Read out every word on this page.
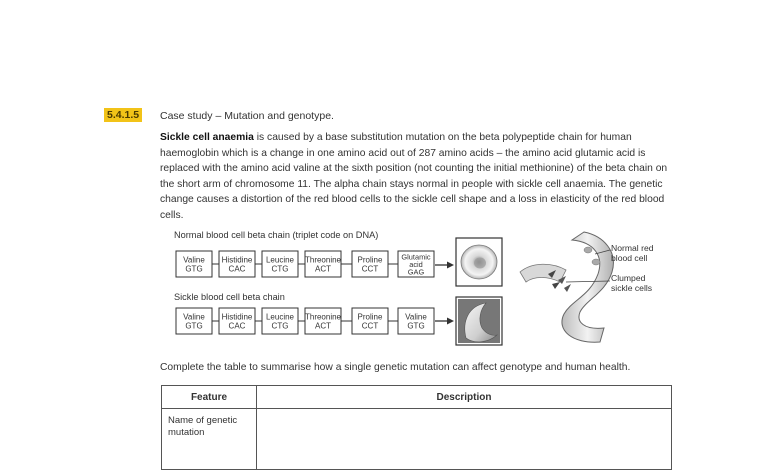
5.4.1.5 Case study – Mutation and genotype.

Sickle cell anaemia is caused by a base substitution mutation on the beta polypeptide chain for human haemoglobin which is a change in one amino acid out of 287 amino acids – the amino acid glutamic acid is replaced with the amino acid valine at the sixth position (not counting the initial methionine) of the beta chain on the short arm of chromosome 11. The alpha chain stays normal in people with sickle cell anaemia. The genetic change causes a distortion of the red blood cells to the sickle cell shape and a loss in elasticity of the red blood cells.

Normal blood cell beta chain (triplet code on DNA)
Sickle blood cell beta chain
Valine
GTG
Histidine
CAC
Leucine
CTG
Threonine
ACT
Proline
CCT
Glutamic
acid
GAG
Valine
GTG
Histidine
CAC
Leucine
CTG
Threonine
ACT
Proline
CCT
Valine
GTG
Normal red
blood cell
Clumped
sickle cells
Complete the table to summarise how a single genetic mutation can affect genotype and human health.
Feature	Description
Name of genetic mutation	
